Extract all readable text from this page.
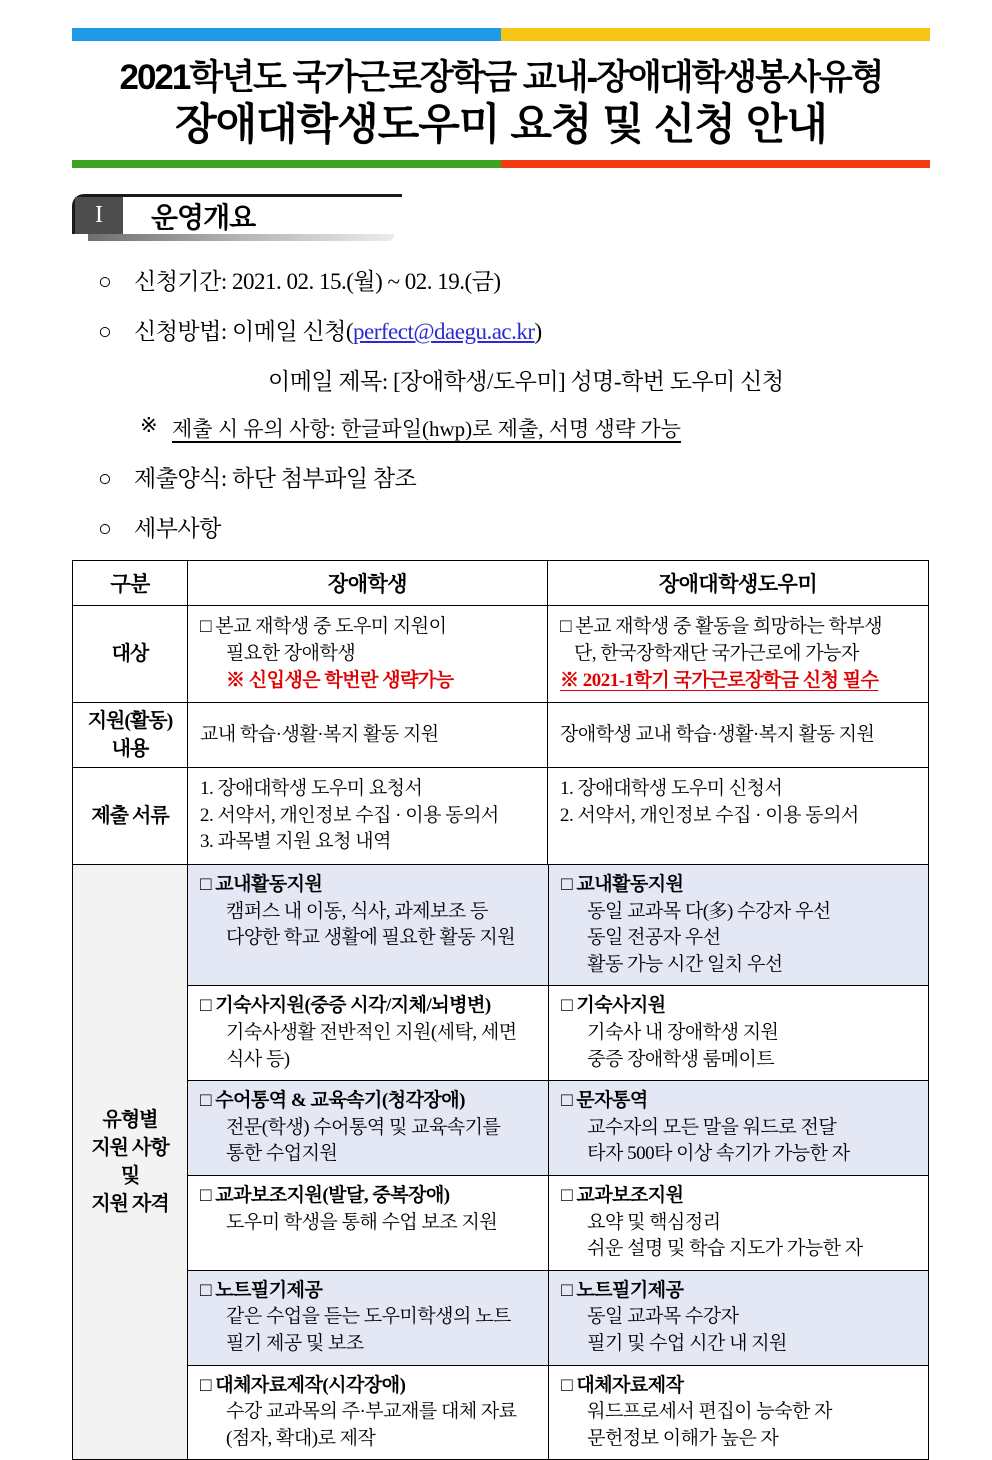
2021학년도 국가근로장학금 교내-장애대학생봉사유형
장애대학생도우미 요청 및 신청 안내
I	운영개요
○ 신청기간: 2021. 02. 15.(월) ~ 02. 19.(금)
○ 신청방법: 이메일 신청(perfect@daegu.ac.kr)
이메일 제목: [장애학생/도우미] 성명-학번 도우미 신청
※ 제출 시 유의 사항: 한글파일(hwp)로 제출, 서명 생략 가능
○ 제출양식: 하단 첨부파일 참조
○ 세부사항
구분	장애학생	장애대학생도우미
대상	
□ 본교 재학생 중 도우미 지원이
필요한 장애학생
※ 신입생은 학번란 생략가능

□ 본교 재학생 중 활동을 희망하는 학부생
단, 한국장학재단 국가근로에 가능자
※ 2021-1학기 국가근로장학금 신청 필수

지원(활동)
내용	교내 학습·생활·복지 활동 지원	장애학생 교내 학습·생활·복지 활동 지원
제출 서류	
1. 장애대학생 도우미 요청서
2. 서약서, 개인정보 수집 · 이용 동의서
3. 과목별 지원 요청 내역

1. 장애대학생 도우미 신청서
2. 서약서, 개인정보 수집 · 이용 동의서

유형별
지원 사항
및
지원 자격

□ 교내활동지원
캠퍼스 내 이동, 식사, 과제보조 등
다양한 학교 생활에 필요한 활동 지원
□ 교내활동지원
동일 교과목 다(多) 수강자 우선
동일 전공자 우선
활동 가능 시간 일치 우선
□ 기숙사지원(중증 시각/지체/뇌병변)
기숙사생활 전반적인 지원(세탁, 세면
식사 등)
□ 기숙사지원
기숙사 내 장애학생 지원
중증 장애학생 룸메이트
□ 수어통역 & 교육속기(청각장애)
전문(학생) 수어통역 및 교육속기를
통한 수업지원
□ 문자통역
교수자의 모든 말을 워드로 전달
타자 500타 이상 속기가 가능한 자
□ 교과보조지원(발달, 중복장애)
도우미 학생을 통해 수업 보조 지원
□ 교과보조지원
요약 및 핵심정리
쉬운 설명 및 학습 지도가 가능한 자
□ 노트필기제공
같은 수업을 듣는 도우미학생의 노트
필기 제공 및 보조
□ 노트필기제공
동일 교과목 수강자
필기 및 수업 시간 내 지원
□ 대체자료제작(시각장애)
수강 교과목의 주·부교재를 대체 자료
(점자, 확대)로 제작
□ 대체자료제작
워드프로세서 편집이 능숙한 자
문헌정보 이해가 높은 자
